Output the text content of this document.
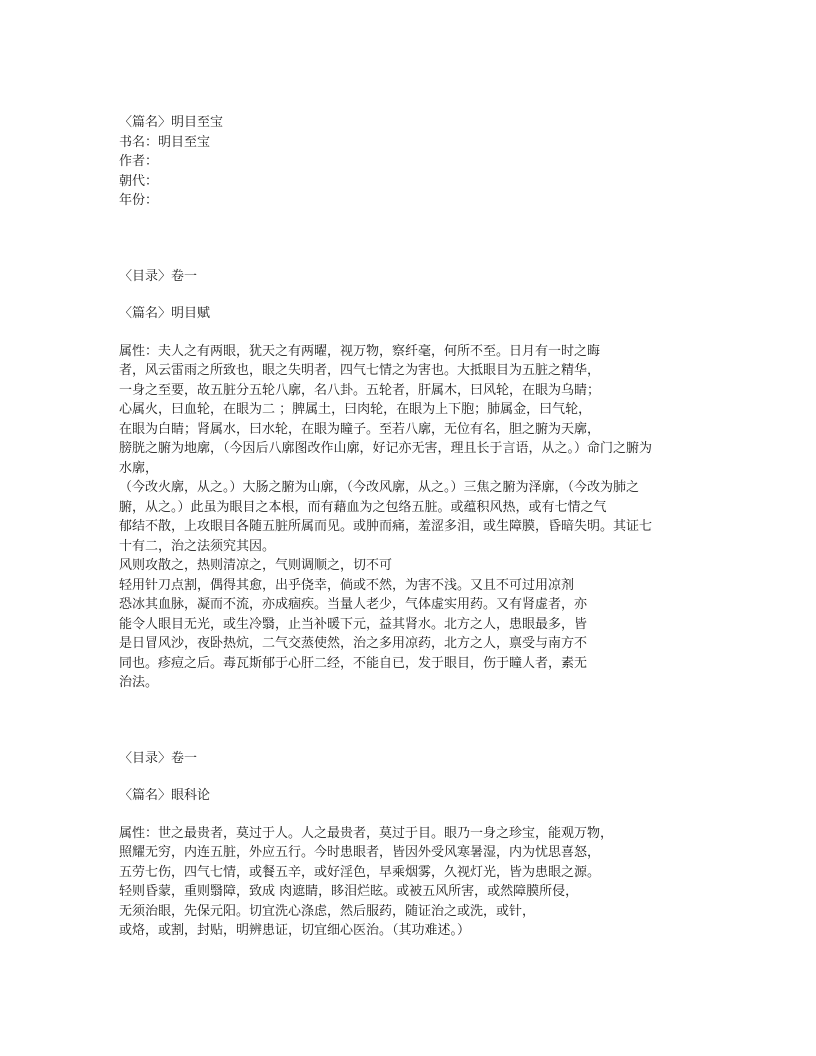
〈篇名〉明目至宝

书名：明目至宝

作者：

朝代：

年份：

〈目录〉卷一

〈篇名〉明目赋

属性：夫人之有两眼，犹天之有两曜，视万物，察纤毫，何所不至。日月有一时之晦

者，风云雷雨之所致也，眼之失明者，四气七情之为害也。大抵眼目为五脏之精华，

一身之至要，故五脏分五轮八廓，名八卦。五轮者，肝属木，曰风轮，在眼为乌睛；

心属火，曰血轮，在眼为二 ；脾属土，曰肉轮，在眼为上下胞；肺属金，曰气轮，

在眼为白睛；肾属水，曰水轮，在眼为瞳子。至若八廓，无位有名，胆之腑为天廓，

膀胱之腑为地廓，（今因后八廓图改作山廓，好记亦无害，理且长于言语，从之。）命门之腑为

水廓，

（今改火廓，从之。）大肠之腑为山廓，（今改风廓，从之。）三焦之腑为泽廓，（今改为肺之

腑，从之。）此虽为眼目之本根，而有藉血为之包络五脏。或蕴积风热，或有七情之气

郁结不散，上攻眼目各随五脏所属而见。或肿而痛，羞涩多泪，或生障膜，昏暗失明。其证七

十有二，治之法须究其因。

风则攻散之，热则清凉之，气则调顺之，切不可

轻用针刀点割，偶得其愈，出乎侥幸，倘或不然，为害不浅。又且不可过用凉剂

恐冰其血脉，凝而不流，亦成痼疾。当量人老少，气体虚实用药。又有肾虚者，亦

能令人眼目无光，或生冷翳，止当补暖下元，益其肾水。北方之人，患眼最多，皆

是日冒风沙，夜卧热炕，二气交蒸使然，治之多用凉药，北方之人，禀受与南方不

同也。疹痘之后。毒瓦斯郁于心肝二经，不能自已，发于眼目，伤于瞳人者，素无

治法。

〈目录〉卷一

〈篇名〉眼科论

属性：世之最贵者，莫过于人。人之最贵者，莫过于目。眼乃一身之珍宝，能观万物，

照耀无穷，内连五脏，外应五行。今时患眼者，皆因外受风寒暑湿，内为忧思喜怒，

五劳七伤，四气七情，或餐五辛，或好淫色，早乘烟雾，久视灯光，皆为患眼之源。

轻则昏蒙，重则翳障，致成 肉遮睛，眵泪烂眩。或被五风所害，或然障膜所侵，

无须治眼，先保元阳。切宜洗心涤虑，然后服药，随证治之或洗，或针，

或烙，或割，封贴，明辨患证，切宜细心医治。（其功难述。）
